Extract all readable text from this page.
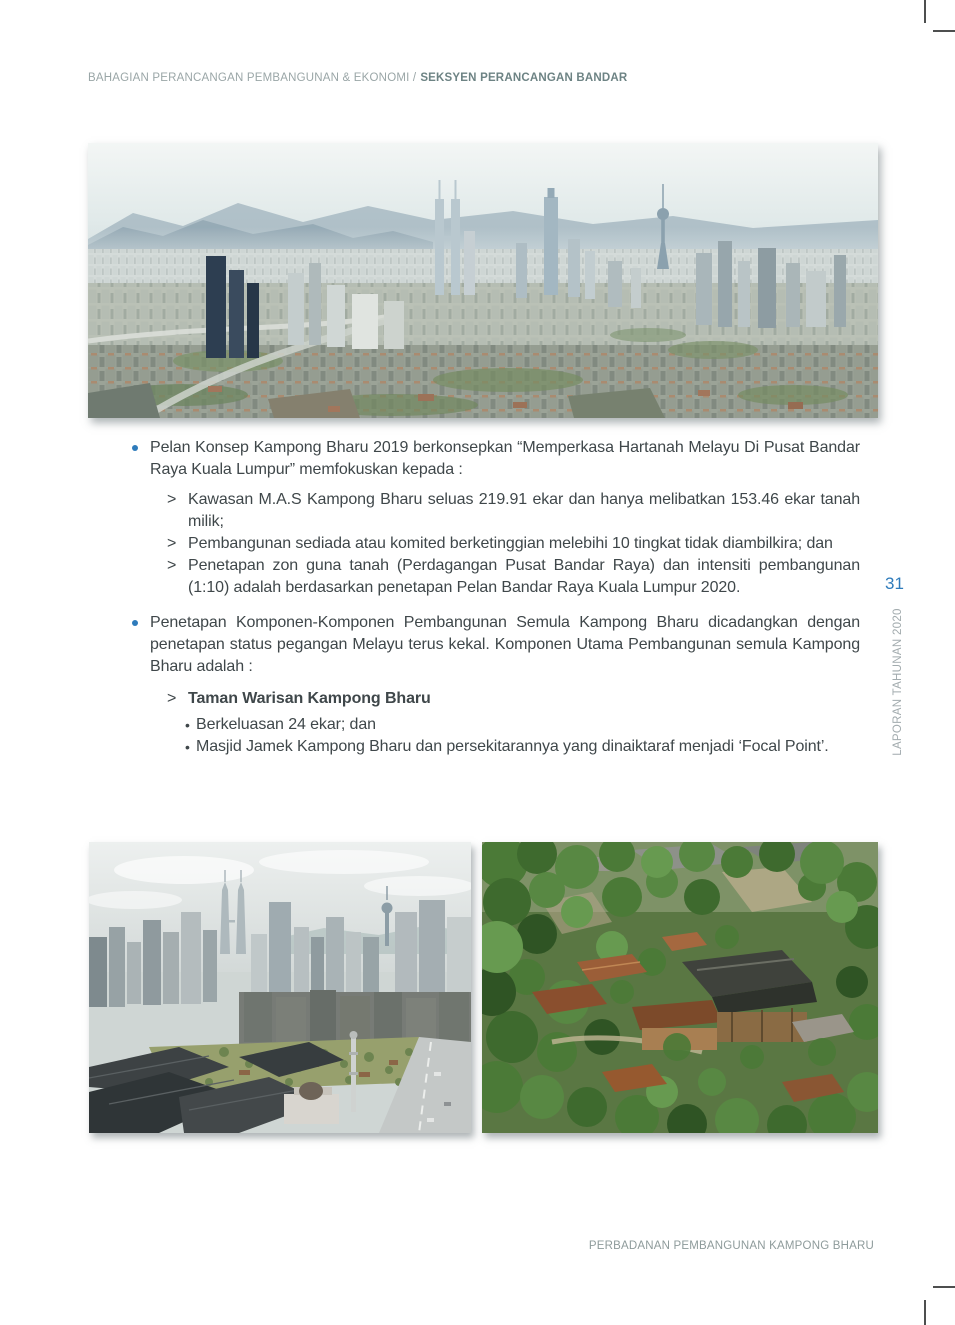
BAHAGIAN PERANCANGAN PEMBANGUNAN & EKONOMI / SEKSYEN PERANCANGAN BANDAR

Pelan Konsep Kampong Bharu 2019 berkonsepkan “Memperkasa Hartanah Melayu Di Pusat Bandar Raya Kuala Lumpur” memfokuskan kepada :

> Kawasan M.A.S Kampong Bharu seluas 219.91 ekar dan hanya melibatkan 153.46 ekar tanah milik;

> Pembangunan sediada atau komited berketinggian melebihi 10 tingkat tidak diambilkira; dan

> Penetapan zon guna tanah (Perdagangan Pusat Bandar Raya) dan intensiti pembangunan (1:10) adalah berdasarkan penetapan Pelan Bandar Raya Kuala Lumpur 2020.

Penetapan Komponen-Komponen Pembangunan Semula Kampong Bharu dicadangkan dengan penetapan status pegangan Melayu terus kekal. Komponen Utama Pembangunan semula Kampong Bharu adalah :

> Taman Warisan Kampong Bharu

• Berkeluasan 24 ekar; dan

• Masjid Jamek Kampong Bharu dan persekitarannya yang dinaiktaraf menjadi ‘Focal Point’.

31
LAPORAN TAHUNAN 2020
PERBADANAN PEMBANGUNAN KAMPONG BHARU
